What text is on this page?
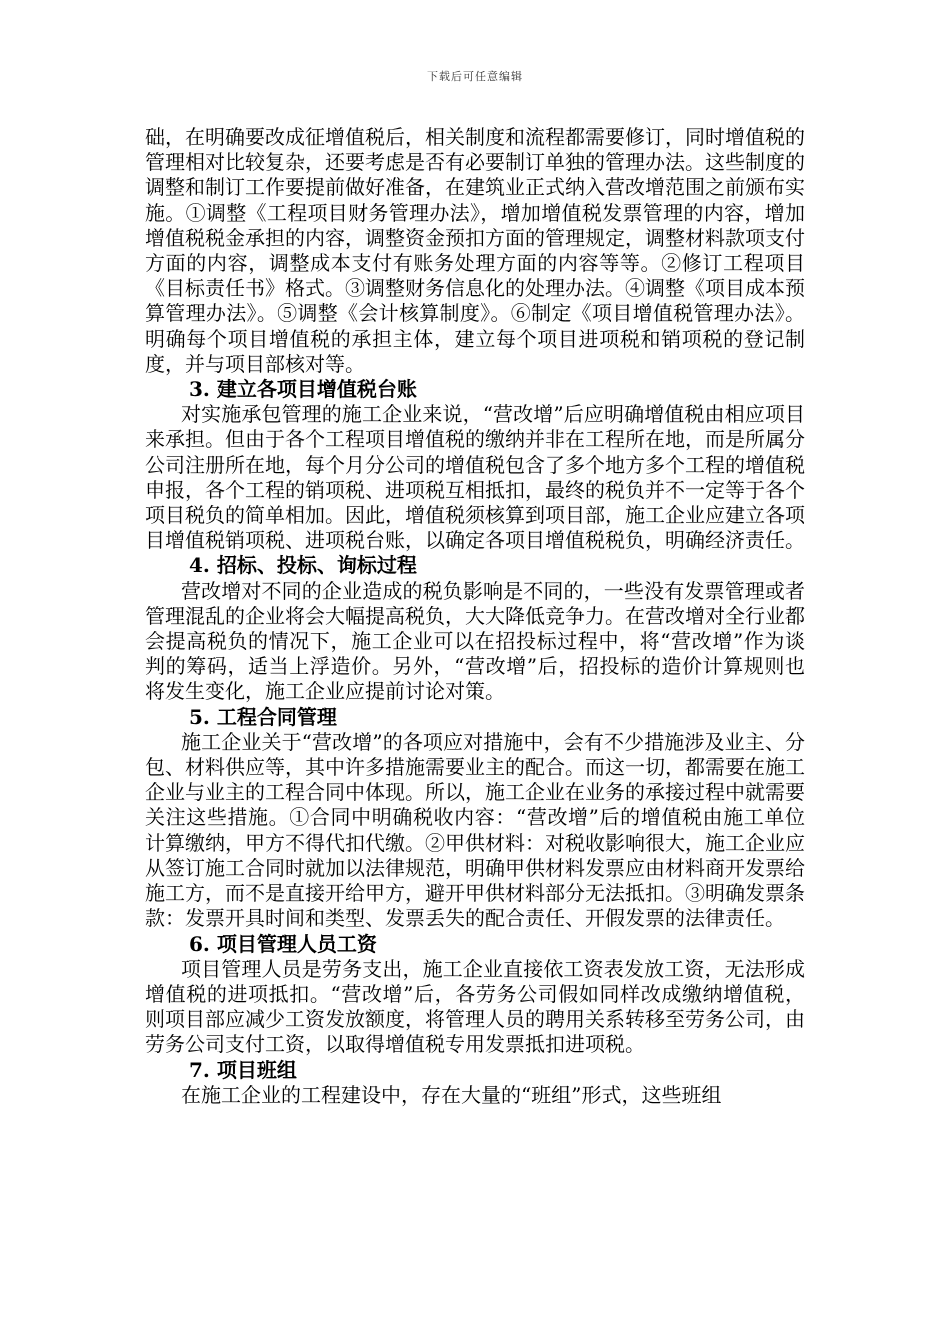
下载后可任意编辑

础，在明确要改成征增值税后，相关制度和流程都需要修订，同时增值税的管理相对比较复杂，还要考虑是否有必要制订单独的管理办法。这些制度的调整和制订工作要提前做好准备，在建筑业正式纳入营改增范围之前颁布实施。①调整《工程项目财务管理办法》，增加增值税发票管理的内容，增加增值税税金承担的内容，调整资金预扣方面的管理规定，调整材料款项支付方面的内容，调整成本支付有账务处理方面的内容等等。②修订工程项目《目标责任书》格式。③调整财务信息化的处理办法。④调整《项目成本预算管理办法》。⑤调整《会计核算制度》。⑥制定《项目增值税管理办法》。明确每个项目增值税的承担主体，建立每个项目进项税和销项税的登记制度，并与项目部核对等。

3. 建立各项目增值税台账

对实施承包管理的施工企业来说，“营改增”后应明确增值税由相应项目来承担。但由于各个工程项目增值税的缴纳并非在工程所在地，而是所属分公司注册所在地，每个月分公司的增值税包含了多个地方多个工程的增值税申报，各个工程的销项税、进项税互相抵扣，最终的税负并不一定等于各个项目税负的简单相加。因此，增值税须核算到项目部，施工企业应建立各项目增值税销项税、进项税台账，以确定各项目增值税税负，明确经济责任。

4. 招标、投标、询标过程

营改增对不同的企业造成的税负影响是不同的，一些没有发票管理或者管理混乱的企业将会大幅提高税负，大大降低竞争力。在营改增对全行业都会提高税负的情况下，施工企业可以在招投标过程中，将“营改增”作为谈判的筹码，适当上浮造价。另外，“营改增”后，招投标的造价计算规则也将发生变化，施工企业应提前讨论对策。

5. 工程合同管理

施工企业关于“营改增”的各项应对措施中，会有不少措施涉及业主、分包、材料供应等，其中许多措施需要业主的配合。而这一切，都需要在施工企业与业主的工程合同中体现。所以，施工企业在业务的承接过程中就需要关注这些措施。①合同中明确税收内容：“营改增”后的增值税由施工单位计算缴纳，甲方不得代扣代缴。②甲供材料：对税收影响很大，施工企业应从签订施工合同时就加以法律规范，明确甲供材料发票应由材料商开发票给施工方，而不是直接开给甲方，避开甲供材料部分无法抵扣。③明确发票条款：发票开具时间和类型、发票丢失的配合责任、开假发票的法律责任。

6. 项目管理人员工资

项目管理人员是劳务支出，施工企业直接依工资表发放工资，无法形成增值税的进项抵扣。“营改增”后，各劳务公司假如同样改成缴纳增值税，则项目部应减少工资发放额度，将管理人员的聘用关系转移至劳务公司，由劳务公司支付工资，以取得增值税专用发票抵扣进项税。

7. 项目班组

在施工企业的工程建设中，存在大量的“班组”形式，这些班组
